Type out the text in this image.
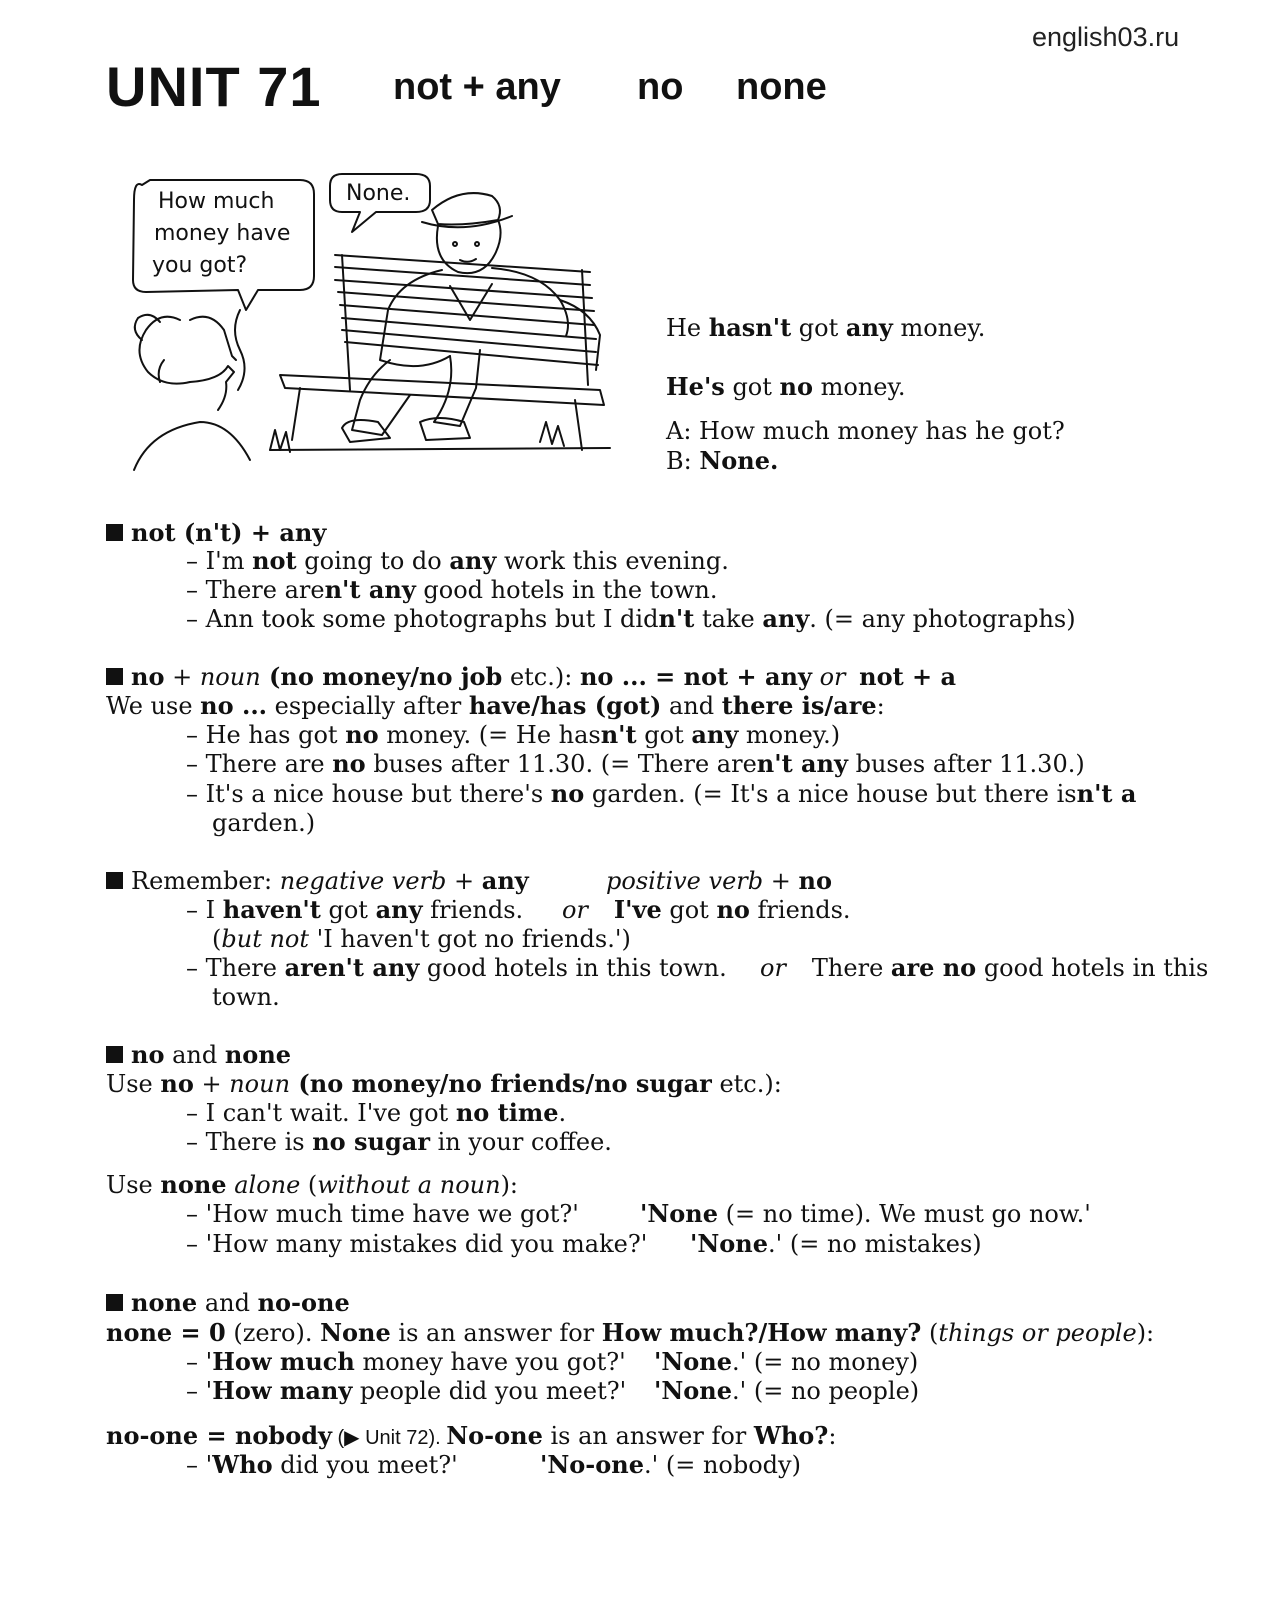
english03.ru
UNIT 71 not + any no none
How much
money have
you got?
None.
He hasn't got any money.
He's got no money.
A: How much money has he got?
B: None.
not (n't) + any
– I'm not going to do any work this evening.
– There aren't any good hotels in the town.
– Ann took some photographs but I didn't take any. (= any photographs)
no + noun (no money/no job etc.): no ... = not + any or not + a
We use no ... especially after have/has (got) and there is/are:
– He has got no money. (= He hasn't got any money.)
– There are no buses after 11.30. (= There aren't any buses after 11.30.)
– It's a nice house but there's no garden. (= It's a nice house but there isn't a
garden.)
Remember: negative verb + any	positive verb + no
– I haven't got any friends. or I've got no friends.
(but not 'I haven't got no friends.')
– There aren't any good hotels in this town. or There are no good hotels in this
town.
no and none
Use no + noun (no money/no friends/no sugar etc.):
– I can't wait. I've got no time.
– There is no sugar in your coffee.
Use none alone (without a noun):
– 'How much time have we got?'	'None (= no time). We must go now.'
– 'How many mistakes did you make?' 'None.' (= no mistakes)
none and no-one
none = 0 (zero). None is an answer for How much?/How many? (things or people):
– 'How much money have you got?' 'None.' (= no money)
– 'How many people did you meet?' 'None.' (= no people)
no-one = nobody (▶ Unit 72). No-one is an answer for Who?:
– 'Who did you meet?'	'No-one.' (= nobody)
